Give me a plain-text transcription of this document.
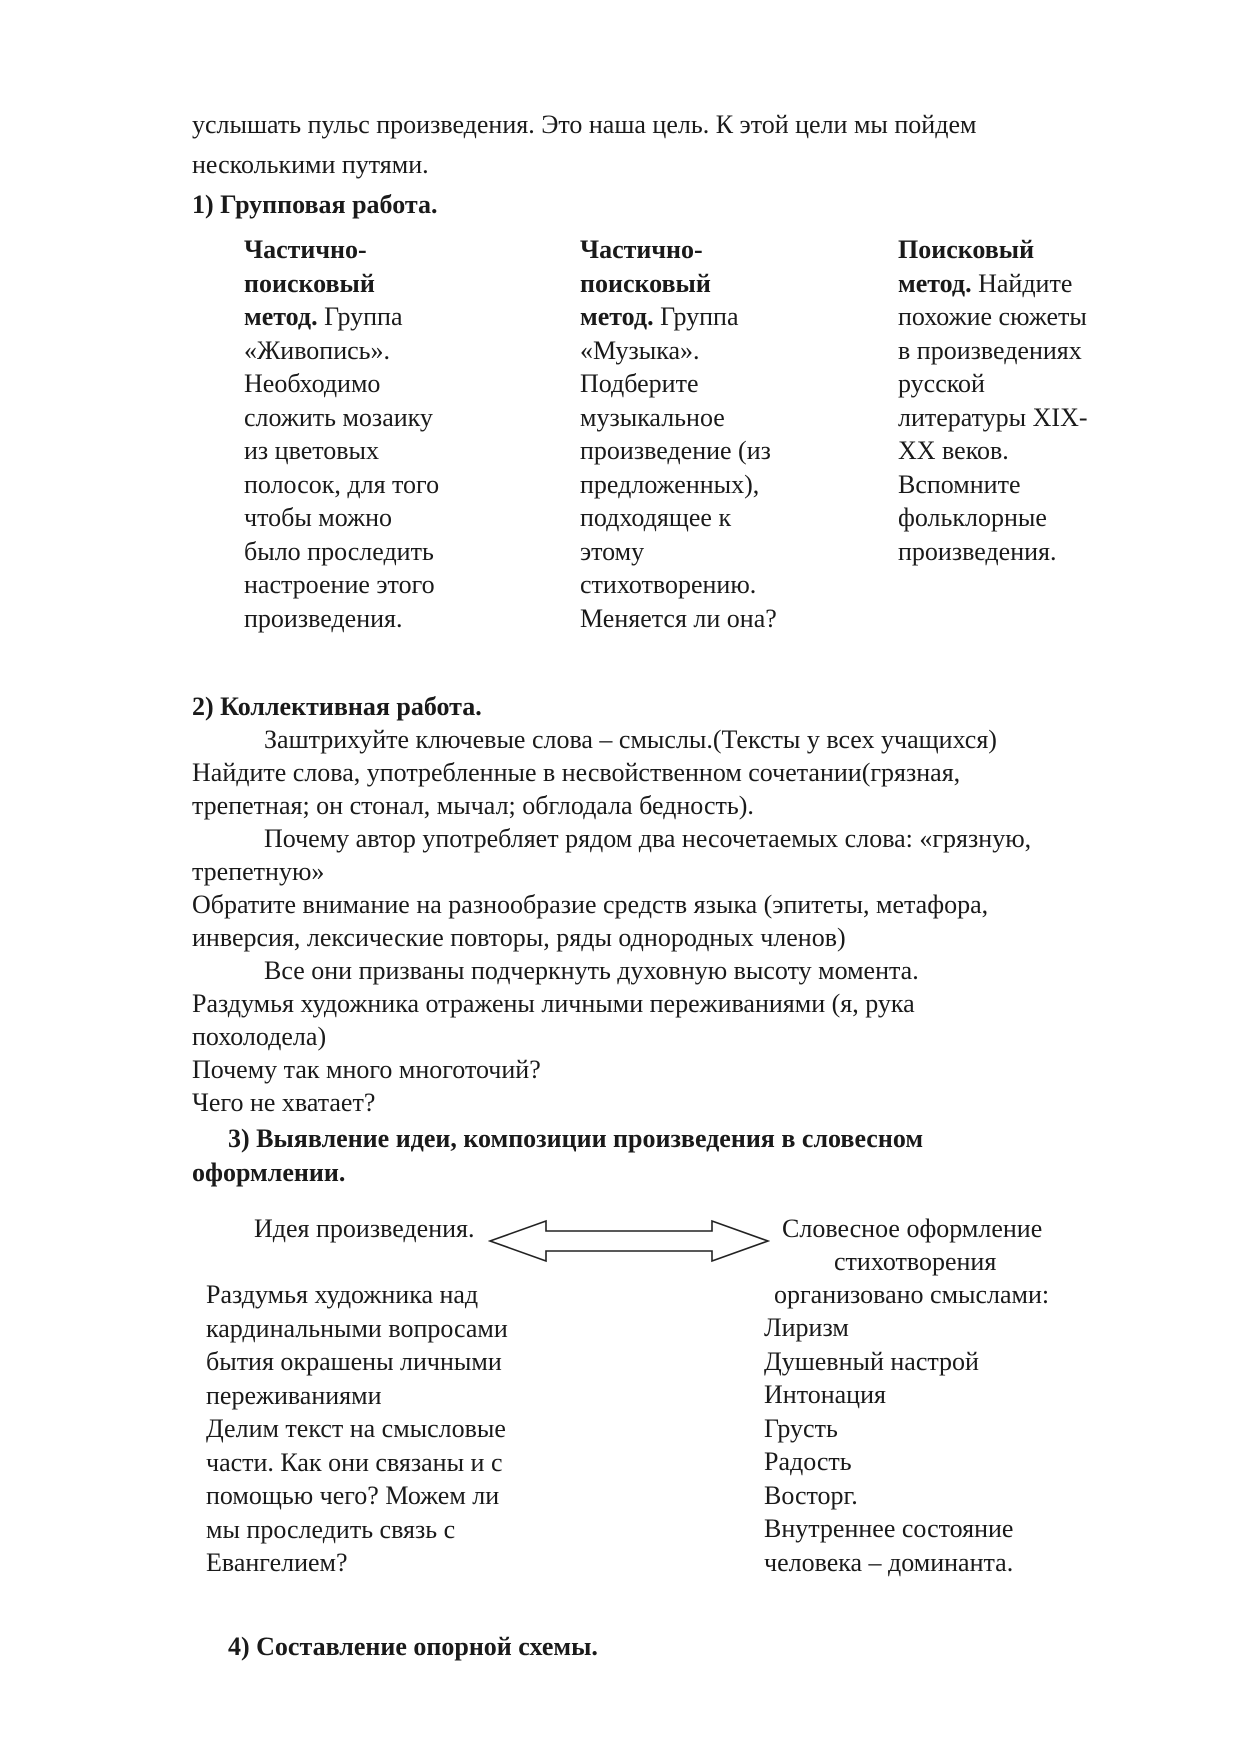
услышать пульс произведения. Это наша цель. К этой цели мы пойдем

несколькими путями.

1) Групповая работа.

Частично-

поисковый

метод. Группа

«Живопись».

Необходимо

сложить мозаику

из цветовых

полосок, для того

чтобы можно

было проследить

настроение этого

произведения.

Частично-

поисковый

метод. Группа

«Музыка».

Подберите

музыкальное

произведение (из

предложенных),

подходящее к

этому

стихотворению.

Меняется ли она?

Поисковый

метод. Найдите

похожие сюжеты

в произведениях

русской

литературы XIX-

XX веков.

Вспомните

фольклорные

произведения.

2) Коллективная работа.

Заштрихуйте ключевые слова – смыслы.(Тексты у всех учащихся)

Найдите слова, употребленные в несвойственном сочетании(грязная,

трепетная; он стонал, мычал; обглодала бедность).

Почему автор употребляет рядом два несочетаемых слова: «грязную,

трепетную»

Обратите внимание на разнообразие средств языка (эпитеты, метафора,

инверсия, лексические повторы, ряды однородных членов)

Все они призваны подчеркнуть духовную высоту момента.

Раздумья художника отражены личными переживаниями (я, рука

похолодела)

Почему так много многоточий?

Чего не хватает?

3) Выявление идеи, композиции произведения в словесном

оформлении.

Идея произведения.	Словесное оформление

стихотворения

Раздумья художника над

кардинальными вопросами

бытия окрашены личными

переживаниями

Делим текст на смысловые

части. Как они связаны и с

помощью чего? Можем ли

мы проследить связь с

Евангелием?

организовано смыслами:

Лиризм

Душевный настрой

Интонация

Грусть

Радость

Восторг.

Внутреннее состояние

человека – доминанта.

4) Составление опорной схемы.
